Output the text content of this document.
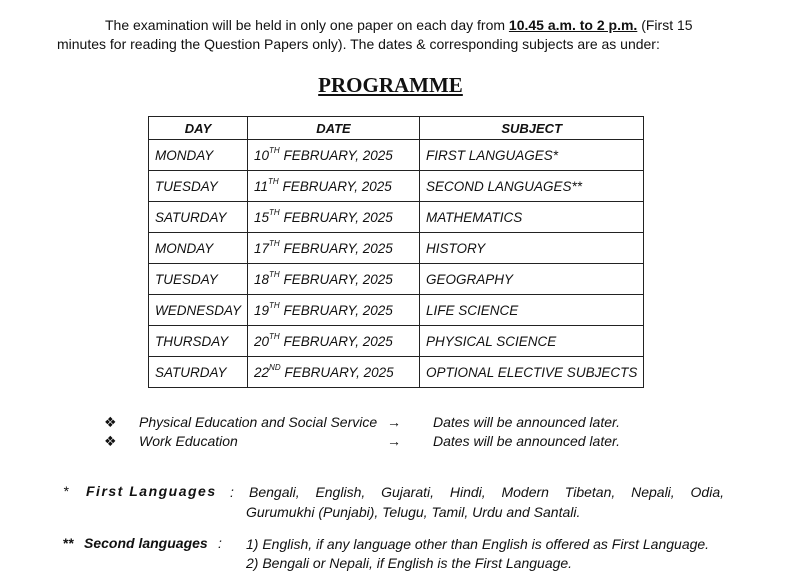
The examination will be held in only one paper on each day from 10.45 a.m. to 2 p.m. (First 15 minutes for reading the Question Papers only). The dates & corresponding subjects are as under:
PROGRAMME
DAY	DATE	SUBJECT
MONDAY	10TH FEBRUARY, 2025	FIRST LANGUAGES*
TUESDAY	11TH FEBRUARY, 2025	SECOND LANGUAGES**
SATURDAY	15TH FEBRUARY, 2025	MATHEMATICS
MONDAY	17TH FEBRUARY, 2025	HISTORY
TUESDAY	18TH FEBRUARY, 2025	GEOGRAPHY
WEDNESDAY	19TH FEBRUARY, 2025	LIFE SCIENCE
THURSDAY	20TH FEBRUARY, 2025	PHYSICAL SCIENCE
SATURDAY	22ND FEBRUARY, 2025	OPTIONAL ELECTIVE SUBJECTS
❖ Physical Education and Social Service → Dates will be announced later.
❖ Work Education	→ Dates will be announced later.
* First Languages : Bengali, English, Gujarati, Hindi, Modern Tibetan, Nepali, Odia,
Gurumukhi (Punjabi), Telugu, Tamil, Urdu and Santali.
** Second languages : 1) English, if any language other than English is offered as First Language.
2) Bengali or Nepali, if English is the First Language.
